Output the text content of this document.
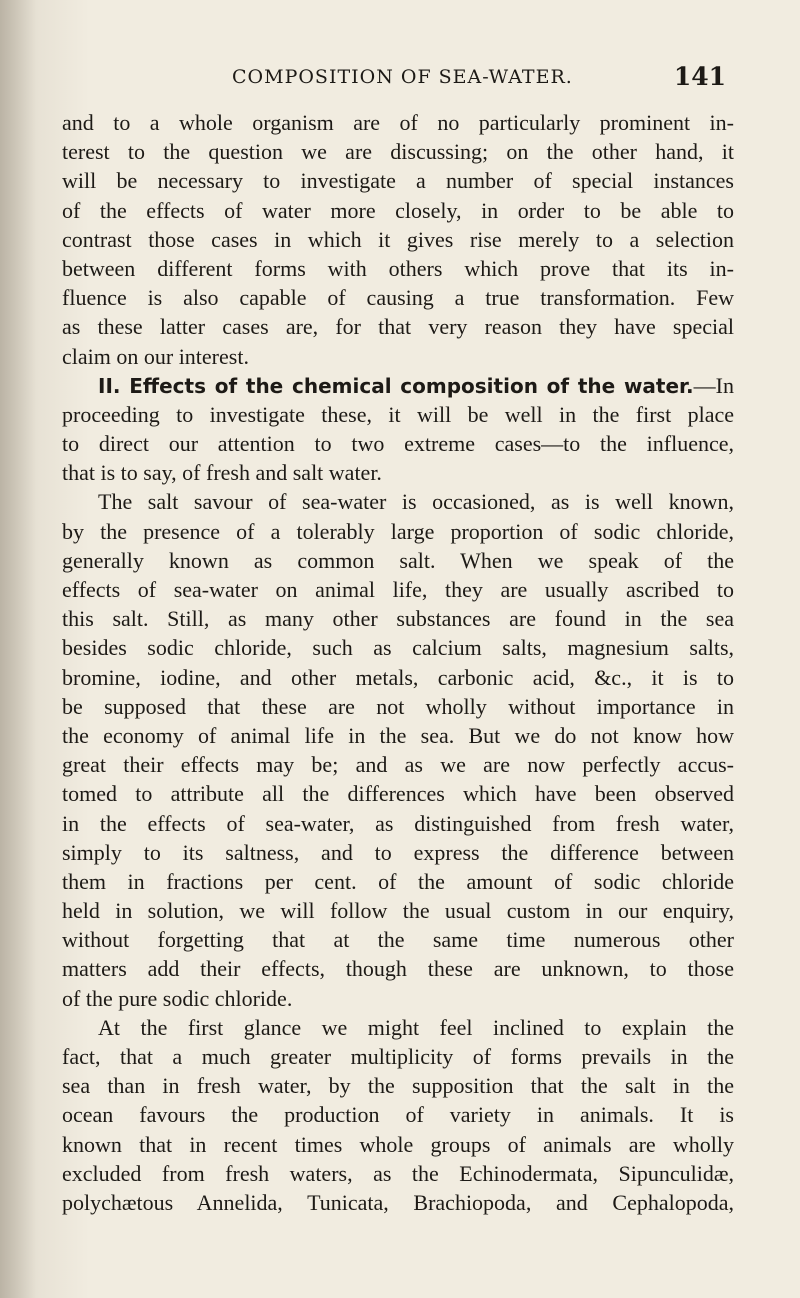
COMPOSITION OF SEA-WATER.	141
and to a whole organism are of no particularly prominent in-
terest to the question we are discussing; on the other hand, it
will be necessary to investigate a number of special instances
of the effects of water more closely, in order to be able to
contrast those cases in which it gives rise merely to a selection
between different forms with others which prove that its in-
fluence is also capable of causing a true transformation. Few
as these latter cases are, for that very reason they have special
claim on our interest.
II. Effects of the chemical composition of the water.—In
proceeding to investigate these, it will be well in the first place
to direct our attention to two extreme cases—to the influence,
that is to say, of fresh and salt water.
The salt savour of sea-water is occasioned, as is well known,
by the presence of a tolerably large proportion of sodic chloride,
generally known as common salt. When we speak of the
effects of sea-water on animal life, they are usually ascribed to
this salt. Still, as many other substances are found in the sea
besides sodic chloride, such as calcium salts, magnesium salts,
bromine, iodine, and other metals, carbonic acid, &c., it is to
be supposed that these are not wholly without importance in
the economy of animal life in the sea. But we do not know how
great their effects may be; and as we are now perfectly accus-
tomed to attribute all the differences which have been observed
in the effects of sea-water, as distinguished from fresh water,
simply to its saltness, and to express the difference between
them in fractions per cent. of the amount of sodic chloride
held in solution, we will follow the usual custom in our enquiry,
without forgetting that at the same time numerous other
matters add their effects, though these are unknown, to those
of the pure sodic chloride.
At the first glance we might feel inclined to explain the
fact, that a much greater multiplicity of forms prevails in the
sea than in fresh water, by the supposition that the salt in the
ocean favours the production of variety in animals. It is
known that in recent times whole groups of animals are wholly
excluded from fresh waters, as the Echinodermata, Sipunculidæ,
polychætous Annelida, Tunicata, Brachiopoda, and Cephalopoda,
